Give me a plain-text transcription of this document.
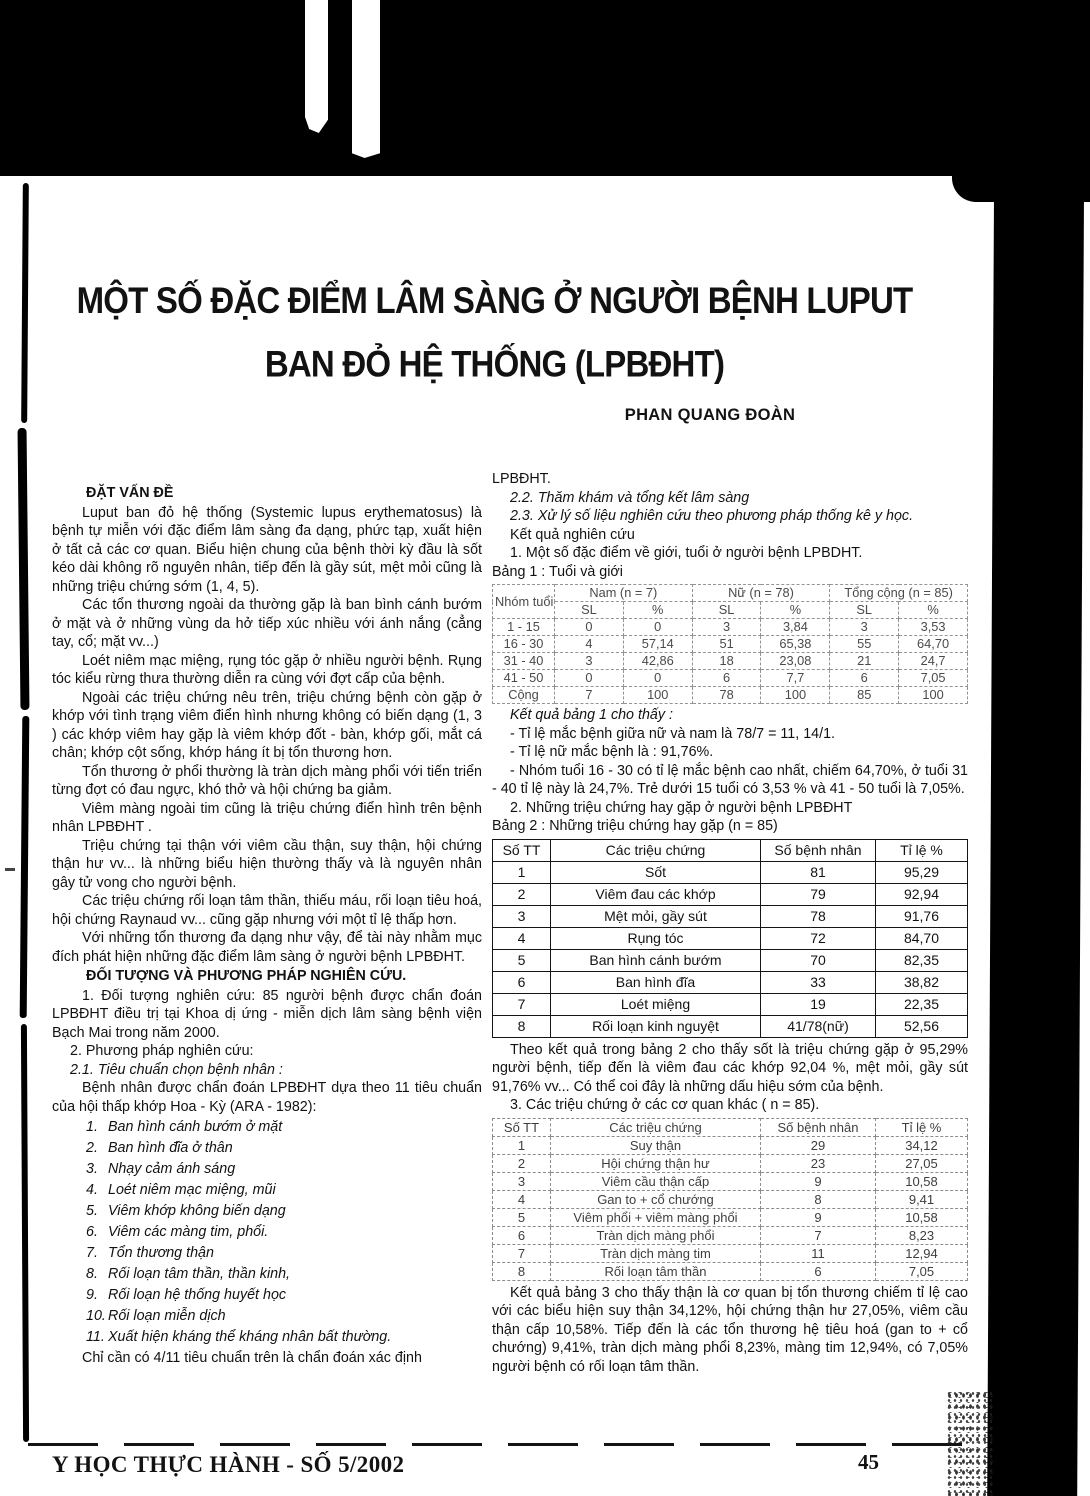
MỘT SỐ ĐẶC ĐIỂM LÂM SÀNG Ở NGƯỜI BỆNH LUPUT
BAN ĐỎ HỆ THỐNG (LPBĐHT)
PHAN QUANG ĐOÀN
ĐẶT VẤN ĐỀ

Luput ban đỏ hệ thống (Systemic lupus erythematosus) là bệnh tự miễn với đặc điểm lâm sàng đa dạng, phức tạp, xuất hiện ở tất cả các cơ quan. Biểu hiện chung của bệnh thời kỳ đầu là sốt kéo dài không rõ nguyên nhân, tiếp đến là gầy sút, mệt mỏi cũng là những triệu chứng sớm (1, 4, 5).

Các tổn thương ngoài da thường gặp là ban bình cánh bướm ở mặt và ở những vùng da hở tiếp xúc nhiều với ánh nắng (cẳng tay, cổ; mặt vv...)

Loét niêm mạc miệng, rụng tóc gặp ở nhiều người bệnh. Rụng tóc kiểu rừng thưa thường diễn ra cùng với đợt cấp của bệnh.

Ngoài các triệu chứng nêu trên, triệu chứng bệnh còn gặp ở khớp với tình trạng viêm điển hình nhưng không có biến dạng (1, 3 ) các khớp viêm hay gặp là viêm khớp đốt - bàn, khớp gối, mắt cá chân; khớp cột sống, khớp háng ít bị tổn thương hơn.

Tổn thương ở phổi thường là tràn dịch màng phổi với tiến triển từng đợt có đau ngực, khó thở và hội chứng ba giảm.

Viêm màng ngoài tim cũng là triệu chứng điển hình trên bệnh nhân LPBĐHT .

Triệu chứng tại thận với viêm cầu thận, suy thận, hội chứng thận hư vv... là những biểu hiện thường thấy và là nguyên nhân gây tử vong cho người bệnh.

Các triệu chứng rối loạn tâm thần, thiếu máu, rối loạn tiêu hoá, hội chứng Raynaud vv... cũng gặp nhưng với một tỉ lệ thấp hơn.

Với những tổn thương đa dạng như vậy, để tài này nhằm mục đích phát hiện những đặc điểm lâm sàng ở người bệnh LPBĐHT.

ĐỐI TƯỢNG VÀ PHƯƠNG PHÁP NGHIÊN CỨU.

1. Đối tượng nghiên cứu: 85 người bệnh được chẩn đoán LPBĐHT điều trị tại Khoa dị ứng - miễn dịch lâm sàng bệnh viện Bạch Mai trong năm 2000.

2. Phương pháp nghiên cứu:

2.1. Tiêu chuẩn chọn bệnh nhân :

Bệnh nhân được chẩn đoán LPBĐHT dựa theo 11 tiêu chuẩn của hội thấp khớp Hoa - Kỳ (ARA - 1982):

1. Ban hình cánh bướm ở mặt
2. Ban hình đĩa ở thân
3. Nhạy cảm ánh sáng
4. Loét niêm mạc miệng, mũi
5. Viêm khớp không biến dạng
6. Viêm các màng tim, phổi.
7. Tổn thương thận
8. Rối loạn tâm thần, thần kinh,
9. Rối loạn hệ thống huyết học
10. Rối loạn miễn dịch
11. Xuất hiện kháng thể kháng nhân bất thường.

Chỉ cần có 4/11 tiêu chuẩn trên là chẩn đoán xác định

LPBĐHT.

2.2. Thăm khám và tổng kết lâm sàng

2.3. Xử lý số liệu nghiên cứu theo phương pháp thống kê y học.

Kết quả nghiên cứu

1. Một số đặc điểm về giới, tuổi ở người bệnh LPBDHT.

Bảng 1 : Tuổi và giới

Nhóm tuổi	Nam (n = 7)		Nữ (n = 78)		Tổng cộng (n = 85)	
	SL	%	SL	%	SL	%
1 - 15	0	0	3	3,84	3	3,53
16 - 30	4	57,14	51	65,38	55	64,70
31 - 40	3	42,86	18	23,08	21	24,7
41 - 50	0	0	6	7,7	6	7,05
Cộng	7	100	78	100	85	100

Kết quả bảng 1 cho thấy :

- Tỉ lệ mắc bệnh giữa nữ và nam là 78/7 = 11, 14/1.

- Tỉ lệ nữ mắc bệnh là : 91,76%.

- Nhóm tuổi 16 - 30 có tỉ lệ mắc bệnh cao nhất, chiếm 64,70%, ở tuổi 31 - 40 tỉ lệ này là 24,7%. Trẻ dưới 15 tuổi có 3,53 % và 41 - 50 tuổi là 7,05%.

2. Những triệu chứng hay gặp ở người bệnh LPBĐHT

Bảng 2 : Những triệu chứng hay gặp (n = 85)

Số TT	Các triệu chứng	Số bệnh nhân	Tỉ lệ %
1	Sốt	81	95,29
2	Viêm đau các khớp	79	92,94
3	Mệt mỏi, gầy sút	78	91,76
4	Rụng tóc	72	84,70
5	Ban hình cánh bướm	70	82,35
6	Ban hình đĩa	33	38,82
7	Loét miệng	19	22,35
8	Rối loạn kinh nguyệt	41/78(nữ)	52,56

Theo kết quả trong bảng 2 cho thấy sốt là triệu chứng gặp ở 95,29% người bệnh, tiếp đến là viêm đau các khớp 92,04 %, mệt mỏi, gầy sút 91,76% vv... Có thể coi đây là những dấu hiệu sớm của bệnh.

3. Các triệu chứng ở các cơ quan khác ( n = 85).

Số TT	Các triệu chứng	Số bệnh nhân	Tỉ lệ %
1	Suy thận	29	34,12
2	Hội chứng thận hư	23	27,05
3	Viêm cầu thận cấp	9	10,58
4	Gan to + cổ chướng	8	9,41
5	Viêm phổi + viêm màng phổi	9	10,58
6	Tràn dịch màng phổi	7	8,23
7	Tràn dịch màng tim	11	12,94
8	Rối loạn tâm thần	6	7,05

Kết quả bảng 3 cho thấy thận là cơ quan bị tổn thương chiếm tỉ lệ cao với các biểu hiện suy thận 34,12%, hội chứng thận hư 27,05%, viêm cầu thận cấp 10,58%. Tiếp đến là các tổn thương hệ tiêu hoá (gan to + cổ chướng) 9,41%, tràn dịch màng phổi 8,23%, màng tim 12,94%, có 7,05% người bệnh có rối loạn tâm thần.

Y HỌC THỰC HÀNH - SỐ 5/2002	45
